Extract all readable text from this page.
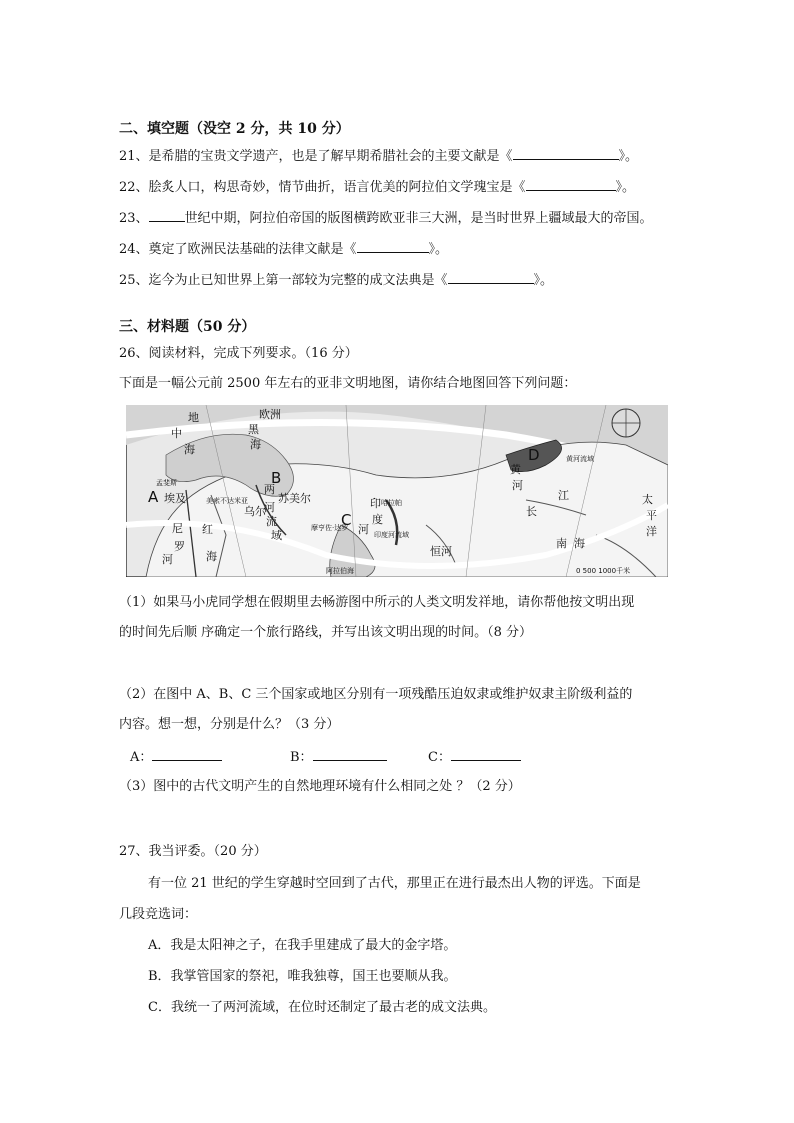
二、填空题（没空 2 分，共 10 分）
21、是希腊的宝贵文学遗产，也是了解早期希腊社会的主要文献是《	》。
22、脍炙人口，构思奇妙，情节曲折，语言优美的阿拉伯文学瑰宝是《	》。
23、	世纪中期，阿拉伯帝国的版图横跨欧亚非三大洲，是当时世界上疆域最大的帝国。
24、奠定了欧洲民法基础的法律文献是《	》。
25、迄今为止已知世界上第一部较为完整的成文法典是《	》。
三、材料题（50 分）
26、阅读材料，完成下列要求。（16 分）
下面是一幅公元前 2500 年左右的亚非文明地图，请你结合地图回答下列问题：
欧洲
黑
海
地
中
海
孟斐斯
A 埃及
尼
罗
河
红
海
B
苏美尔
两
河
流
域
乌尔
美索不达米亚
C
印
度
河
哈拉帕
印度河流域
摩亨佐·达罗
恒河
D
黄
河
黄河流域
长
江
南 海
太
平
洋
阿拉伯海	0 500 1000千米
（1）如果马小虎同学想在假期里去畅游图中所示的人类文明发祥地，请你帮他按文明出现
的时间先后顺 序确定一个旅行路线，并写出该文明出现的时间。（8 分）
（2）在图中 A、B、C 三个国家或地区分别有一项残酷压迫奴隶或维护奴隶主阶级利益的
内容。想一想，分别是什么？（3 分）
A：	B：	C：
（3）图中的古代文明产生的自然地理环境有什么相同之处 ？（2 分）
27、我当评委。（20 分）
有一位 21 世纪的学生穿越时空回到了古代，那里正在进行最杰出人物的评选。下面是
几段竞选词：
A．我是太阳神之子，在我手里建成了最大的金字塔。
B．我掌管国家的祭祀，唯我独尊，国王也要顺从我。
C．我统一了两河流域，在位时还制定了最古老的成文法典。
